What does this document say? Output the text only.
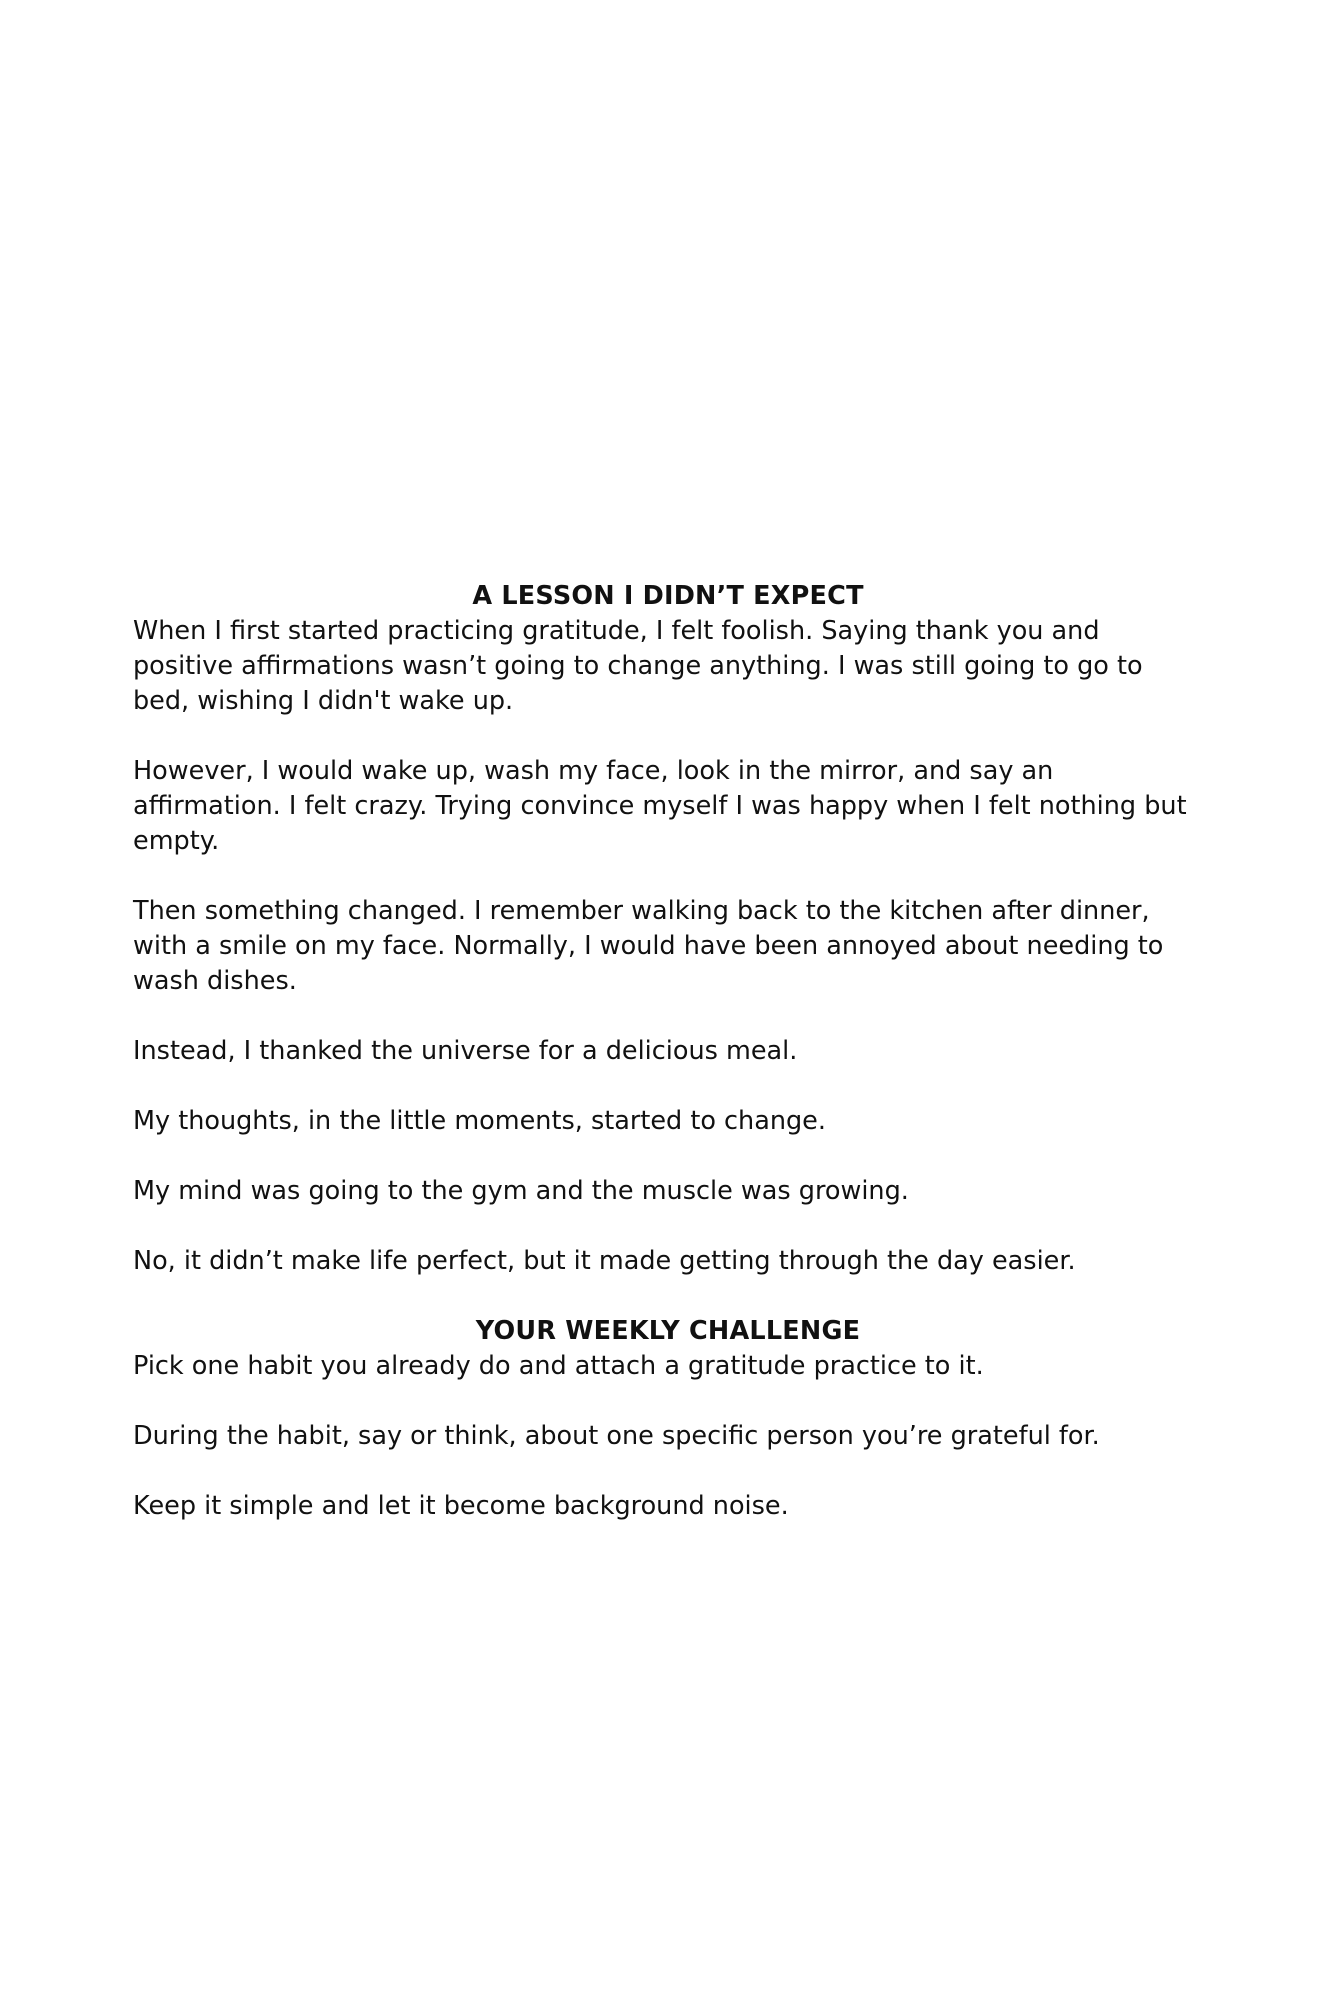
A LESSON I DIDN’T EXPECT

When I first started practicing gratitude, I felt foolish. Saying thank you and positive affirmations wasn’t going to change anything. I was still going to go to bed, wishing I didn't wake up.

However, I would wake up, wash my face, look in the mirror, and say an affirmation. I felt crazy. Trying convince myself I was happy when I felt nothing but empty.

Then something changed. I remember walking back to the kitchen after dinner, with a smile on my face. Normally, I would have been annoyed about needing to wash dishes.

Instead, I thanked the universe for a delicious meal.

My thoughts, in the little moments, started to change.

My mind was going to the gym and the muscle was growing.

No, it didn’t make life perfect, but it made getting through the day easier.

YOUR WEEKLY CHALLENGE

Pick one habit you already do and attach a gratitude practice to it.

During the habit, say or think, about one specific person you’re grateful for.

Keep it simple and let it become background noise.
